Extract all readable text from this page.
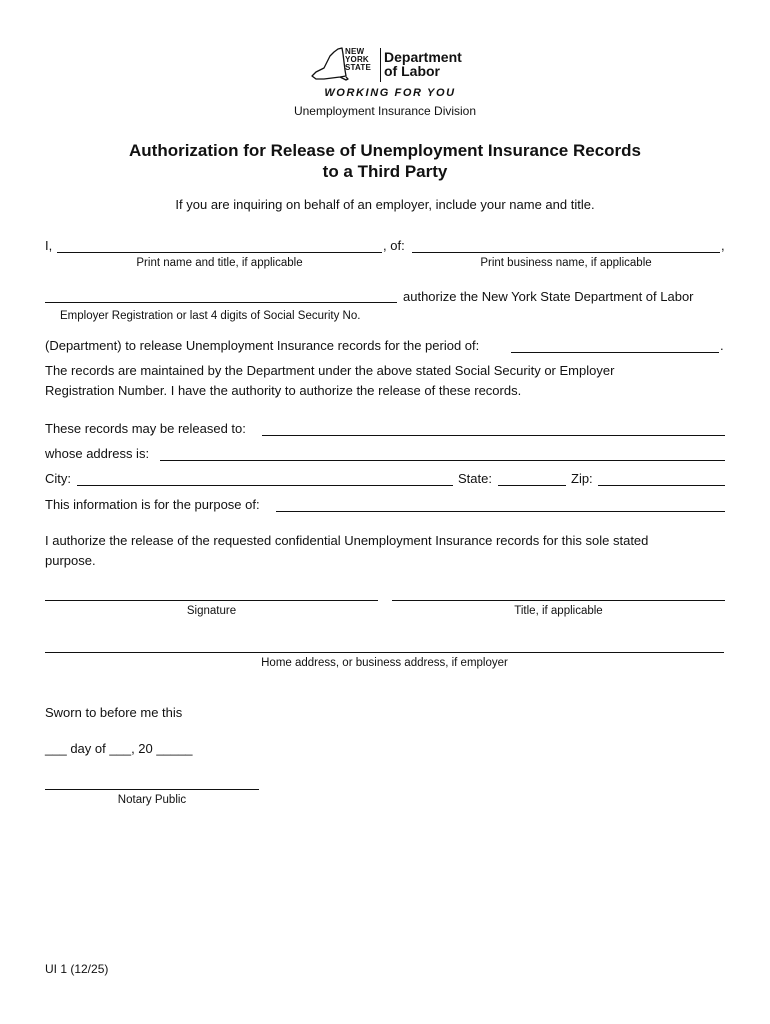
NEW
YORK
STATE
Department
of Labor
WORKING FOR YOU
Unemployment Insurance Division
Authorization for Release of Unemployment Insurance Records
to a Third Party
If you are inquiring on behalf of an employer, include your name and title.
I,	, of:	,
Print name and title, if applicable	Print business name, if applicable
authorize the New York State Department of Labor
Employer Registration or last 4 digits of Social Security No.
(Department) to release Unemployment Insurance records for the period of:	.
The records are maintained by the Department under the above stated Social Security or Employer
Registration Number. I have the authority to authorize the release of these records.
These records may be released to:
whose address is:
City:	State:	Zip:
This information is for the purpose of:
I authorize the release of the requested confidential Unemployment Insurance records for this sole stated
purpose.
Signature	Title, if applicable
Home address, or business address, if employer
Sworn to before me this
___ day of ___, 20 _____
Notary Public
UI 1 (12/25)
